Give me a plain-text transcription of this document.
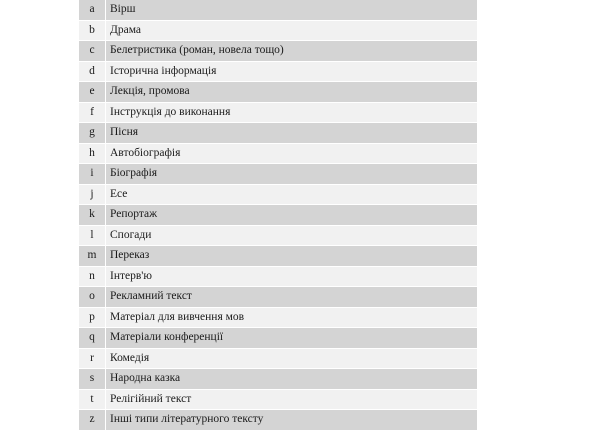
a	Вірш
b	Драма
c	Белетристика (роман, новела тощо)
d	Історична інформація
e	Лекція, промова
f	Інструкція до виконання
g	Пісня
h	Автобіографія
i	Біографія
j	Есе
k	Репортаж
l	Спогади
m	Переказ
n	Інтерв'ю
o	Рекламний текст
p	Матеріал для вивчення мов
q	Матеріали конференції
r	Комедія
s	Народна казка
t	Релігійний текст
z	Інші типи літературного тексту
